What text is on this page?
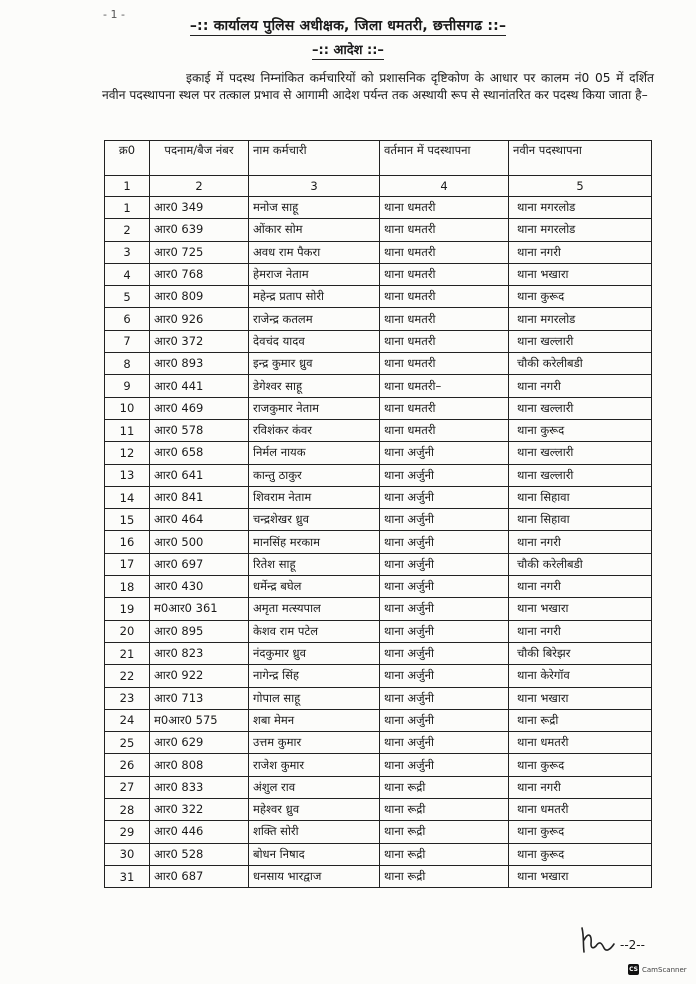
- 1 -
–:: कार्यालय पुलिस अधीक्षक, जिला धमतरी, छत्तीसगढ ::–
–:: आदेश ::–
इकाई में पदस्थ निम्नांकित कर्मचारियों को प्रशासनिक दृष्टिकोण के आधार पर कालम नं0 05 में दर्शित नवीन पदस्थापना स्थल पर तत्काल प्रभाव से आगामी आदेश पर्यन्त तक अस्थायी रूप से स्थानांतरित कर पदस्थ किया जाता है–
क्र0	पदनाम/बैज नंबर	नाम कर्मचारी	वर्तमान में पदस्थापना	नवीन पदस्थापना
1	2	3	4	5
1	आर0 349	मनोज साहू	थाना धमतरी	थाना मगरलोड
2	आर0 639	ओंकार सोम	थाना धमतरी	थाना मगरलोड
3	आर0 725	अवध राम पैकरा	थाना धमतरी	थाना नगरी
4	आर0 768	हेमराज नेताम	थाना धमतरी	थाना भखारा
5	आर0 809	महेन्द्र प्रताप सोरी	थाना धमतरी	थाना कुरूद
6	आर0 926	राजेन्द्र कतलम	थाना धमतरी	थाना मगरलोड
7	आर0 372	देवचंद यादव	थाना धमतरी	थाना खल्लारी
8	आर0 893	इन्द्र कुमार ध्रुव	थाना धमतरी	चौकी करेलीबडी
9	आर0 441	डेगेश्वर साहू	थाना धमतरी–	थाना नगरी
10	आर0 469	राजकुमार नेताम	थाना धमतरी	थाना खल्लारी
11	आर0 578	रविशंकर कंवर	थाना धमतरी	थाना कुरूद
12	आर0 658	निर्मल नायक	थाना अर्जुनी	थाना खल्लारी
13	आर0 641	कान्तु ठाकुर	थाना अर्जुनी	थाना खल्लारी
14	आर0 841	शिवराम नेताम	थाना अर्जुनी	थाना सिहावा
15	आर0 464	चन्द्रशेखर ध्रुव	थाना अर्जुनी	थाना सिहावा
16	आर0 500	मानसिंह मरकाम	थाना अर्जुनी	थाना नगरी
17	आर0 697	रितेश साहू	थाना अर्जुनी	चौकी करेलीबडी
18	आर0 430	धर्मेन्द्र बघेल	थाना अर्जुनी	थाना नगरी
19	म0आर0 361	अमृता मत्स्यपाल	थाना अर्जुनी	थाना भखारा
20	आर0 895	केशव राम पटेल	थाना अर्जुनी	थाना नगरी
21	आर0 823	नंदकुमार ध्रुव	थाना अर्जुनी	चौकी बिरेझर
22	आर0 922	नागेन्द्र सिंह	थाना अर्जुनी	थाना केरेगॉव
23	आर0 713	गोपाल साहू	थाना अर्जुनी	थाना भखारा
24	म0आर0 575	शबा मेमन	थाना अर्जुनी	थाना रूद्री
25	आर0 629	उत्तम कुमार	थाना अर्जुनी	थाना धमतरी
26	आर0 808	राजेश कुमार	थाना अर्जुनी	थाना कुरूद
27	आर0 833	अंशुल राव	थाना रूद्री	थाना नगरी
28	आर0 322	महेश्वर ध्रुव	थाना रूद्री	थाना धमतरी
29	आर0 446	शक्ति सोरी	थाना रूद्री	थाना कुरूद
30	आर0 528	बोधन निषाद	थाना रूद्री	थाना कुरूद
31	आर0 687	धनसाय भारद्वाज	थाना रूद्री	थाना भखारा
--2--
CS CamScanner
